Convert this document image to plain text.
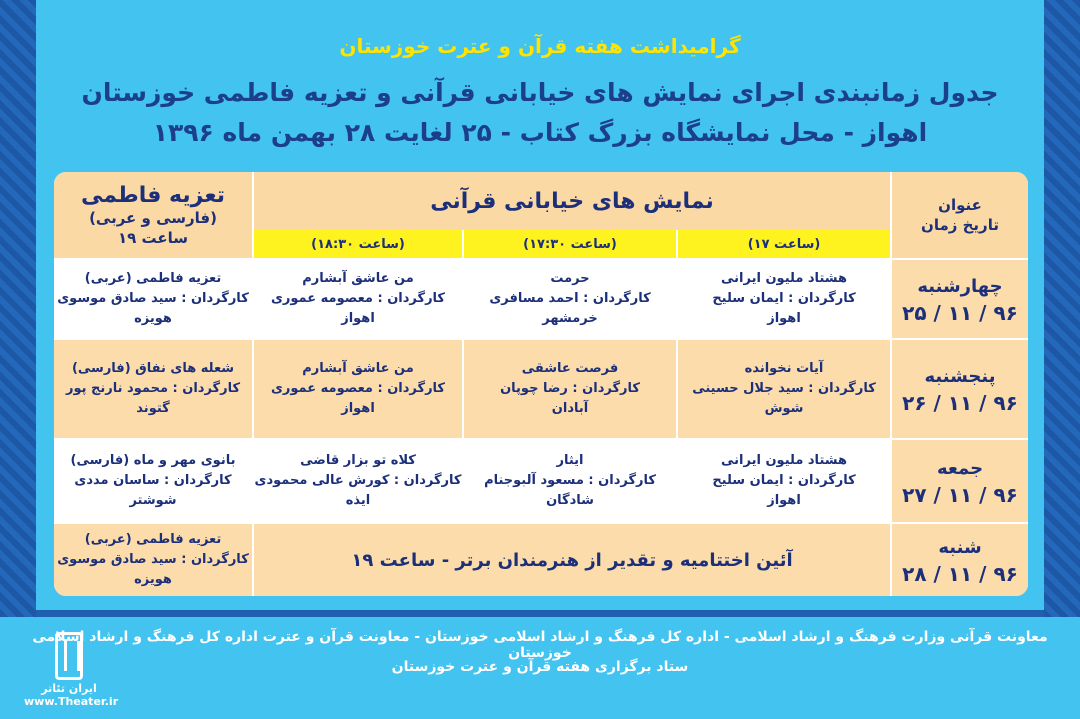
گرامیداشت هفته قرآن و عترت خوزستان
جدول زمانبندی اجرای نمایش های خیابانی قرآنی و تعزیه فاطمی خوزستان
اهواز - محل نمایشگاه بزرگ کتاب - ۲۵ لغایت ۲۸ بهمن ماه ۱۳۹۶
عنوان
تاریخ زمان
نمایش های خیابانی قرآنی
(ساعت ۱۷)
(ساعت ۱۷:۳۰)
(ساعت ۱۸:۳۰)
تعزیه فاطمی
(فارسی و عربی)
ساعت ۱۹
چهارشنبه
۹۶ / ۱۱ / ۲۵
هشتاد ملیون ایرانی
کارگردان : ایمان سلیح
اهواز
حرمت
کارگردان : احمد مسافری
خرمشهر
من عاشق آبشارم
کارگردان : معصومه عموری
اهواز
تعزیه فاطمی (عربی)
کارگردان : سید صادق موسوی
هویزه
پنجشنبه
۹۶ / ۱۱ / ۲۶
آیات نخوانده
کارگردان : سید جلال حسینی
شوش
فرصت عاشقی
کارگردان : رضا چوپان
آبادان
من عاشق آبشارم
کارگردان : معصومه عموری
اهواز
شعله های نفاق (فارسی)
کارگردان : محمود نارنج پور
گتوند
جمعه
۹۶ / ۱۱ / ۲۷
هشتاد ملیون ایرانی
کارگردان : ایمان سلیح
اهواز
ایثار
کارگردان : مسعود آلبوجنام
شادگان
کلاه تو بزار قاضی
کارگردان : کورش عالی محمودی
ایذه
بانوی مهر و ماه (فارسی)
کارگردان : ساسان مددی
شوشتر
شنبه
۹۶ / ۱۱ / ۲۸
آئین اختتامیه و تقدیر از هنرمندان برتر - ساعت ۱۹
تعزیه فاطمی (عربی)
کارگردان : سید صادق موسوی
هویزه
معاونت قرآنی وزارت فرهنگ و ارشاد اسلامی - اداره کل فرهنگ و ارشاد اسلامی خوزستان - معاونت قرآن و عترت اداره کل فرهنگ و ارشاد اسلامی خوزستان
ستاد برگزاری هفته قرآن و عترت خوزستان
ایران تئاتر
www.Theater.ir
